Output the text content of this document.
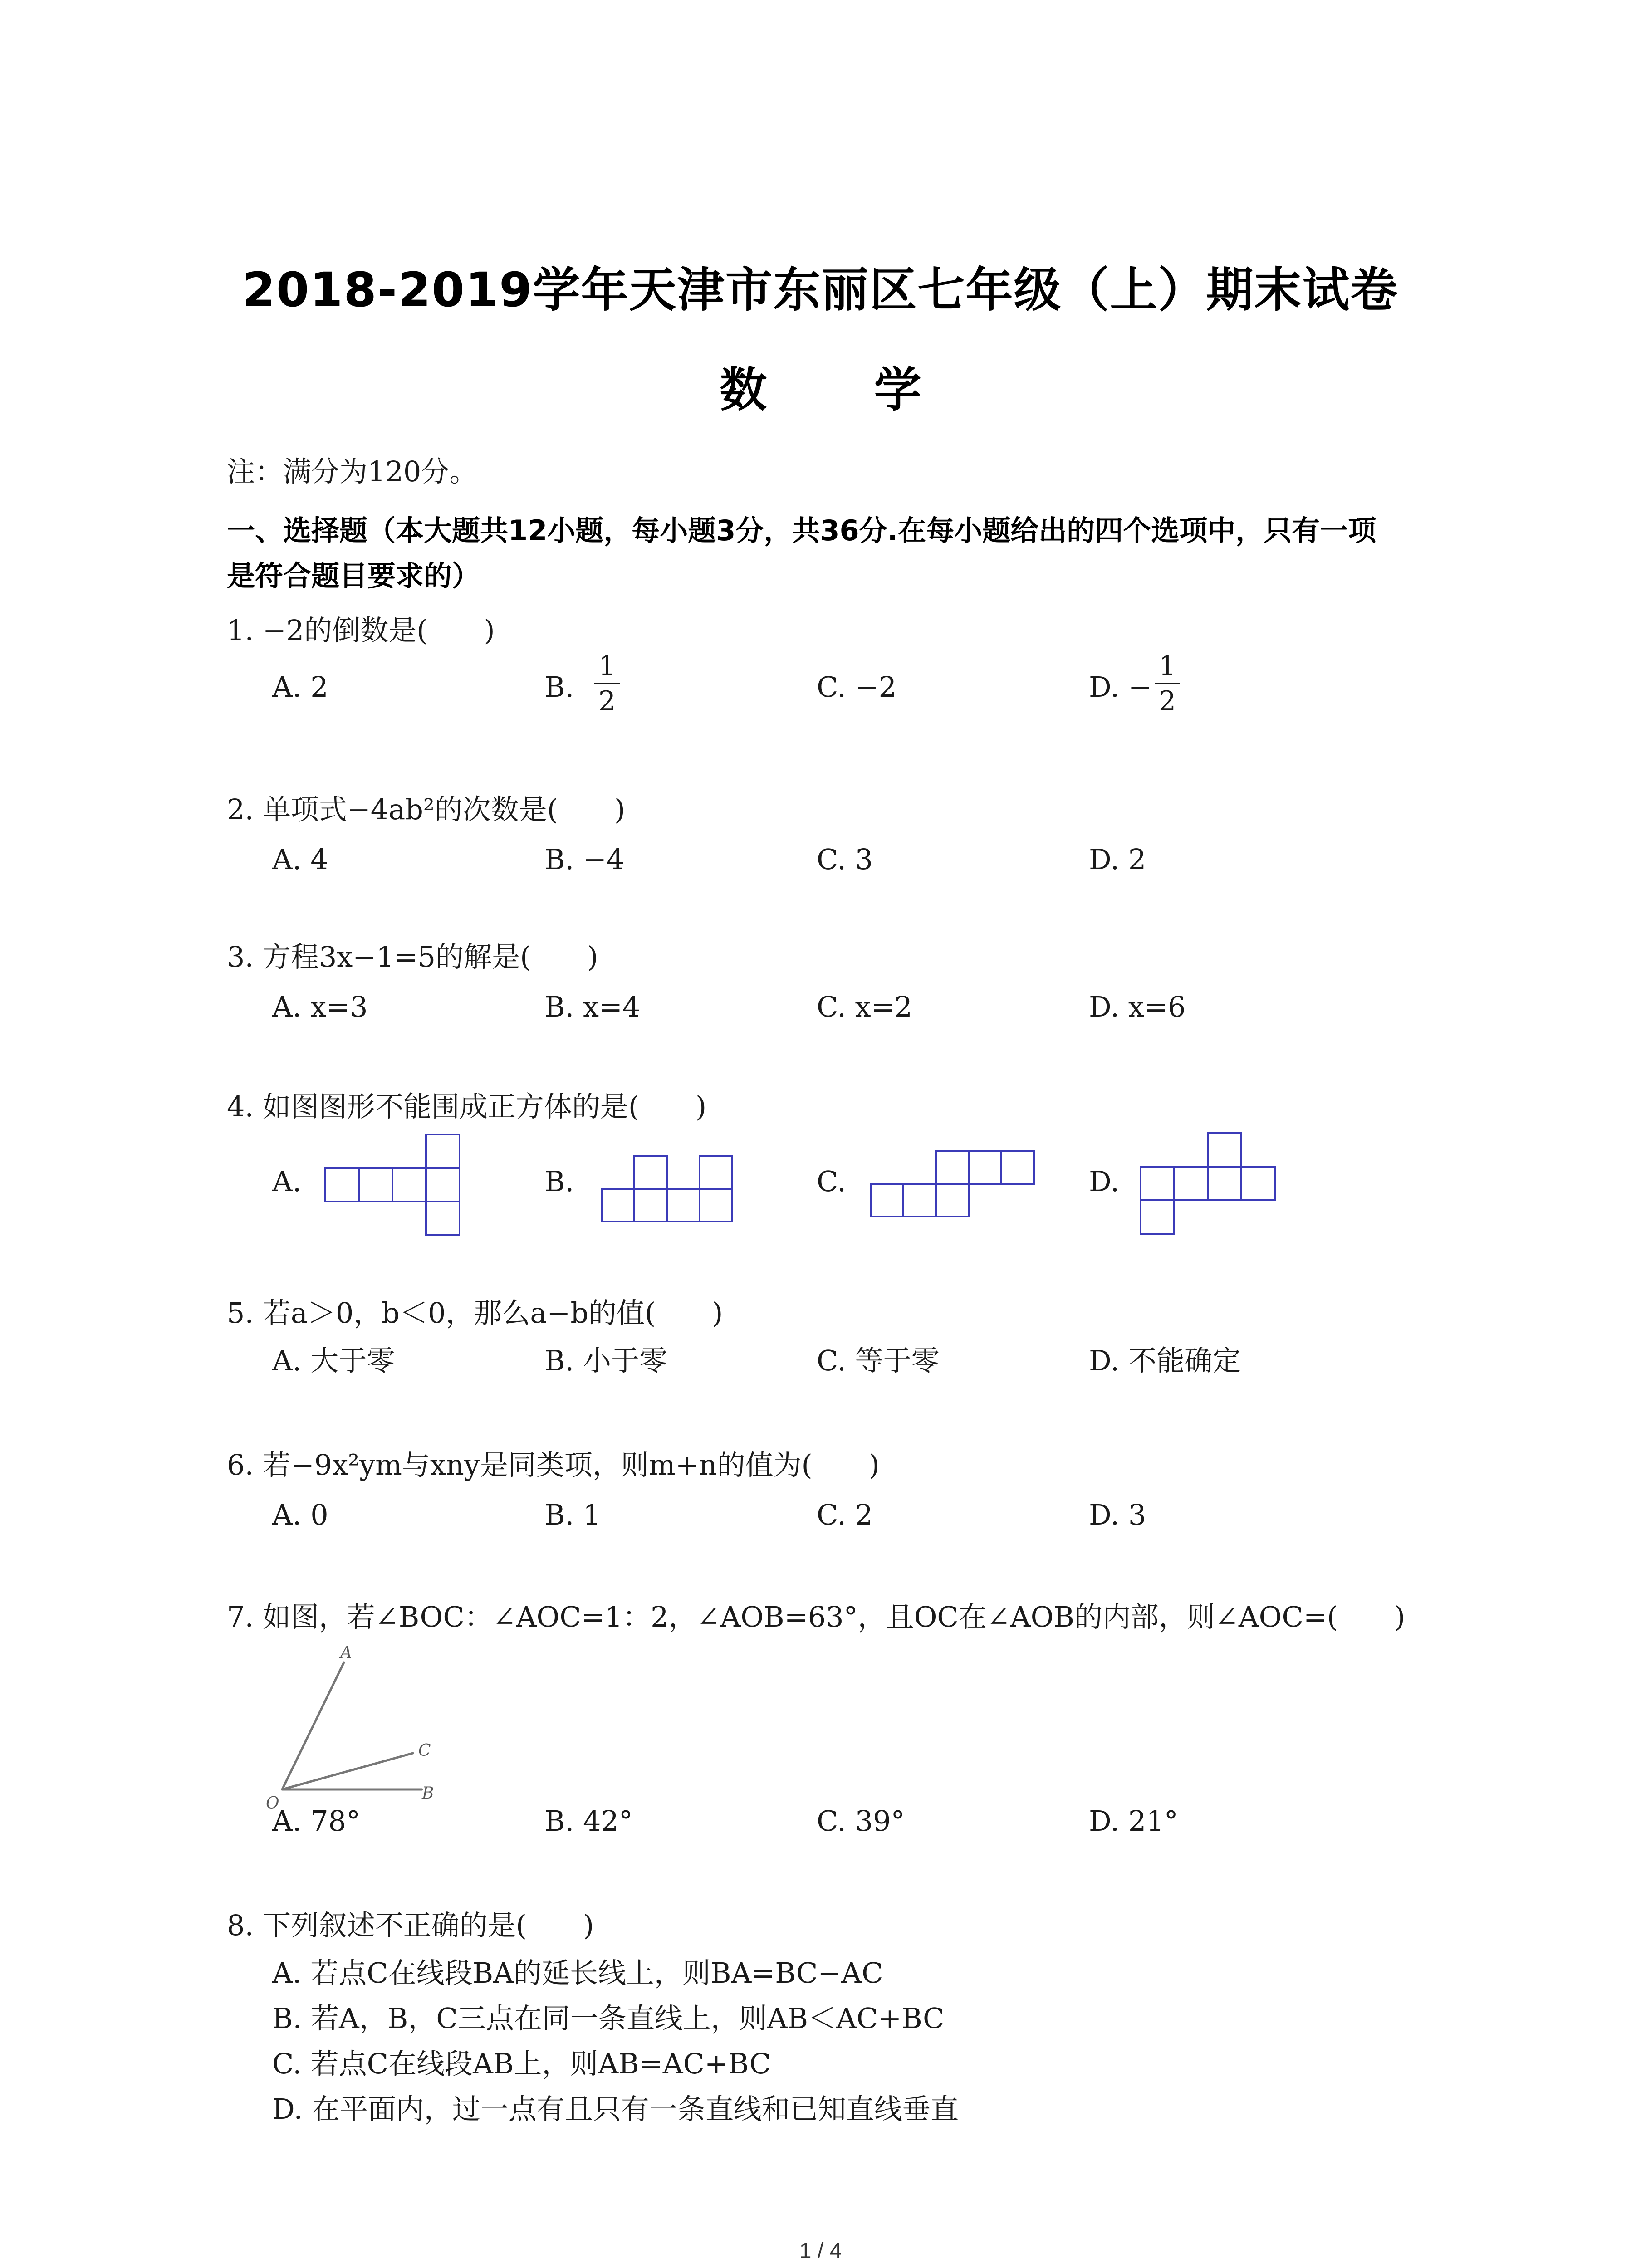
2018-2019学年天津市东丽区七年级（上）期末试卷
数 学
注：满分为120分。
一、选择题（本大题共12小题，每小题3分，共36分.在每小题给出的四个选项中，只有一项
是符合题目要求的）
1. −2的倒数是(　　)
A. 2	B.
1
2	C. −2	D. −
1
2
2. 单项式−4ab²的次数是(　　)
A. 4	B. −4	C. 3	D. 2
3. 方程3x−1=5的解是(　　)
A. x=3	B. x=4	C. x=2	D. x=6
4. 如图图形不能围成正方体的是(　　)
A.	B.	C.	D.
5. 若a＞0，b＜0，那么a−b的值(　　)
A. 大于零	B. 小于零	C. 等于零	D. 不能确定
6. 若−9x²ym与xny是同类项，则m+n的值为(　　)
A. 0	B. 1	C. 2	D. 3
7. 如图，若∠BOC：∠AOC=1：2，∠AOB=63°，且OC在∠AOB的内部，则∠AOC=(　　)
A
C
O
B
A. 78°	B. 42°	C. 39°	D. 21°
8. 下列叙述不正确的是(　　)
A. 若点C在线段BA的延长线上，则BA=BC−AC
B. 若A，B，C三点在同一条直线上，则AB＜AC+BC
C. 若点C在线段AB上，则AB=AC+BC
D. 在平面内，过一点有且只有一条直线和已知直线垂直
1 / 4
